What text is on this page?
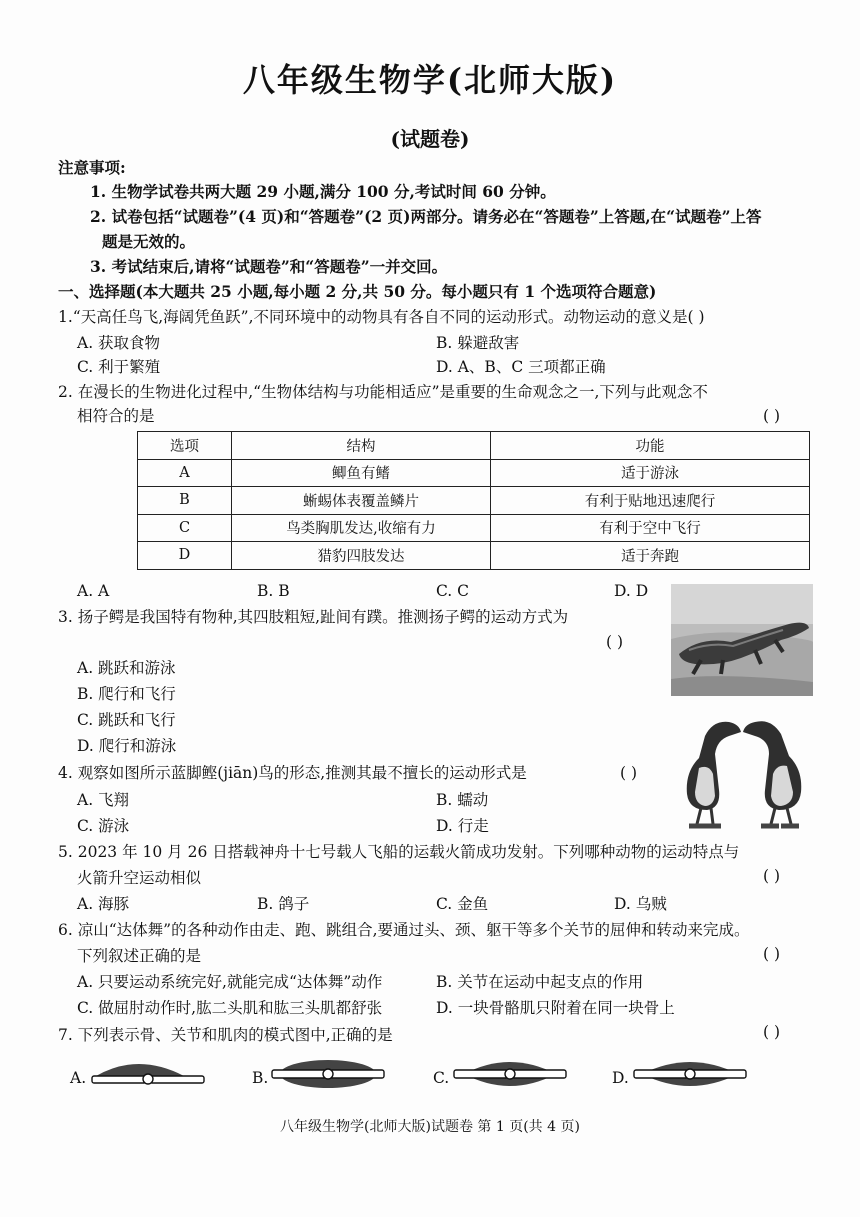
八年级生物学(北师大版)
(试题卷)
注意事项:
1. 生物学试卷共两大题 29 小题,满分 100 分,考试时间 60 分钟。
2. 试卷包括“试题卷”(4 页)和“答题卷”(2 页)两部分。请务必在“答题卷”上答题,在“试题卷”上答
题是无效的。
3. 考试结束后,请将“试题卷”和“答题卷”一并交回。
一、选择题(本大题共 25 小题,每小题 2 分,共 50 分。每小题只有 1 个选项符合题意)
1.“天高任鸟飞,海阔凭鱼跃”,不同环境中的动物具有各自不同的运动形式。动物运动的意义是( )
A. 获取食物	B. 躲避敌害
C. 利于繁殖	D. A、B、C 三项都正确
2. 在漫长的生物进化过程中,“生物体结构与功能相适应”是重要的生命观念之一,下列与此观念不
相符合的是	( )
选项	结构	功能
A	鲫鱼有鳍	适于游泳
B	蜥蜴体表覆盖鳞片	有利于贴地迅速爬行
C	鸟类胸肌发达,收缩有力	有利于空中飞行
D	猎豹四肢发达	适于奔跑
A. A	B. B	C. C	D. D
3. 扬子鳄是我国特有物种,其四肢粗短,趾间有蹼。推测扬子鳄的运动方式为
( )
A. 跳跃和游泳
B. 爬行和飞行
C. 跳跃和飞行
D. 爬行和游泳
4. 观察如图所示蓝脚鲣(jiān)鸟的形态,推测其最不擅长的运动形式是	( )
A. 飞翔	B. 蠕动
C. 游泳	D. 行走
5. 2023 年 10 月 26 日搭载神舟十七号载人飞船的运载火箭成功发射。下列哪种动物的运动特点与
火箭升空运动相似	( )
A. 海豚	B. 鸽子	C. 金鱼	D. 乌贼
6. 凉山“达体舞”的各种动作由走、跑、跳组合,要通过头、颈、躯干等多个关节的屈伸和转动来完成。
下列叙述正确的是	( )
A. 只要运动系统完好,就能完成“达体舞”动作	B. 关节在运动中起支点的作用
C. 做屈肘动作时,肱二头肌和肱三头肌都舒张	D. 一块骨骼肌只附着在同一块骨上
7. 下列表示骨、关节和肌肉的模式图中,正确的是	( )
A.	B.	C.	D.
八年级生物学(北师大版)试题卷 第 1 页(共 4 页)
